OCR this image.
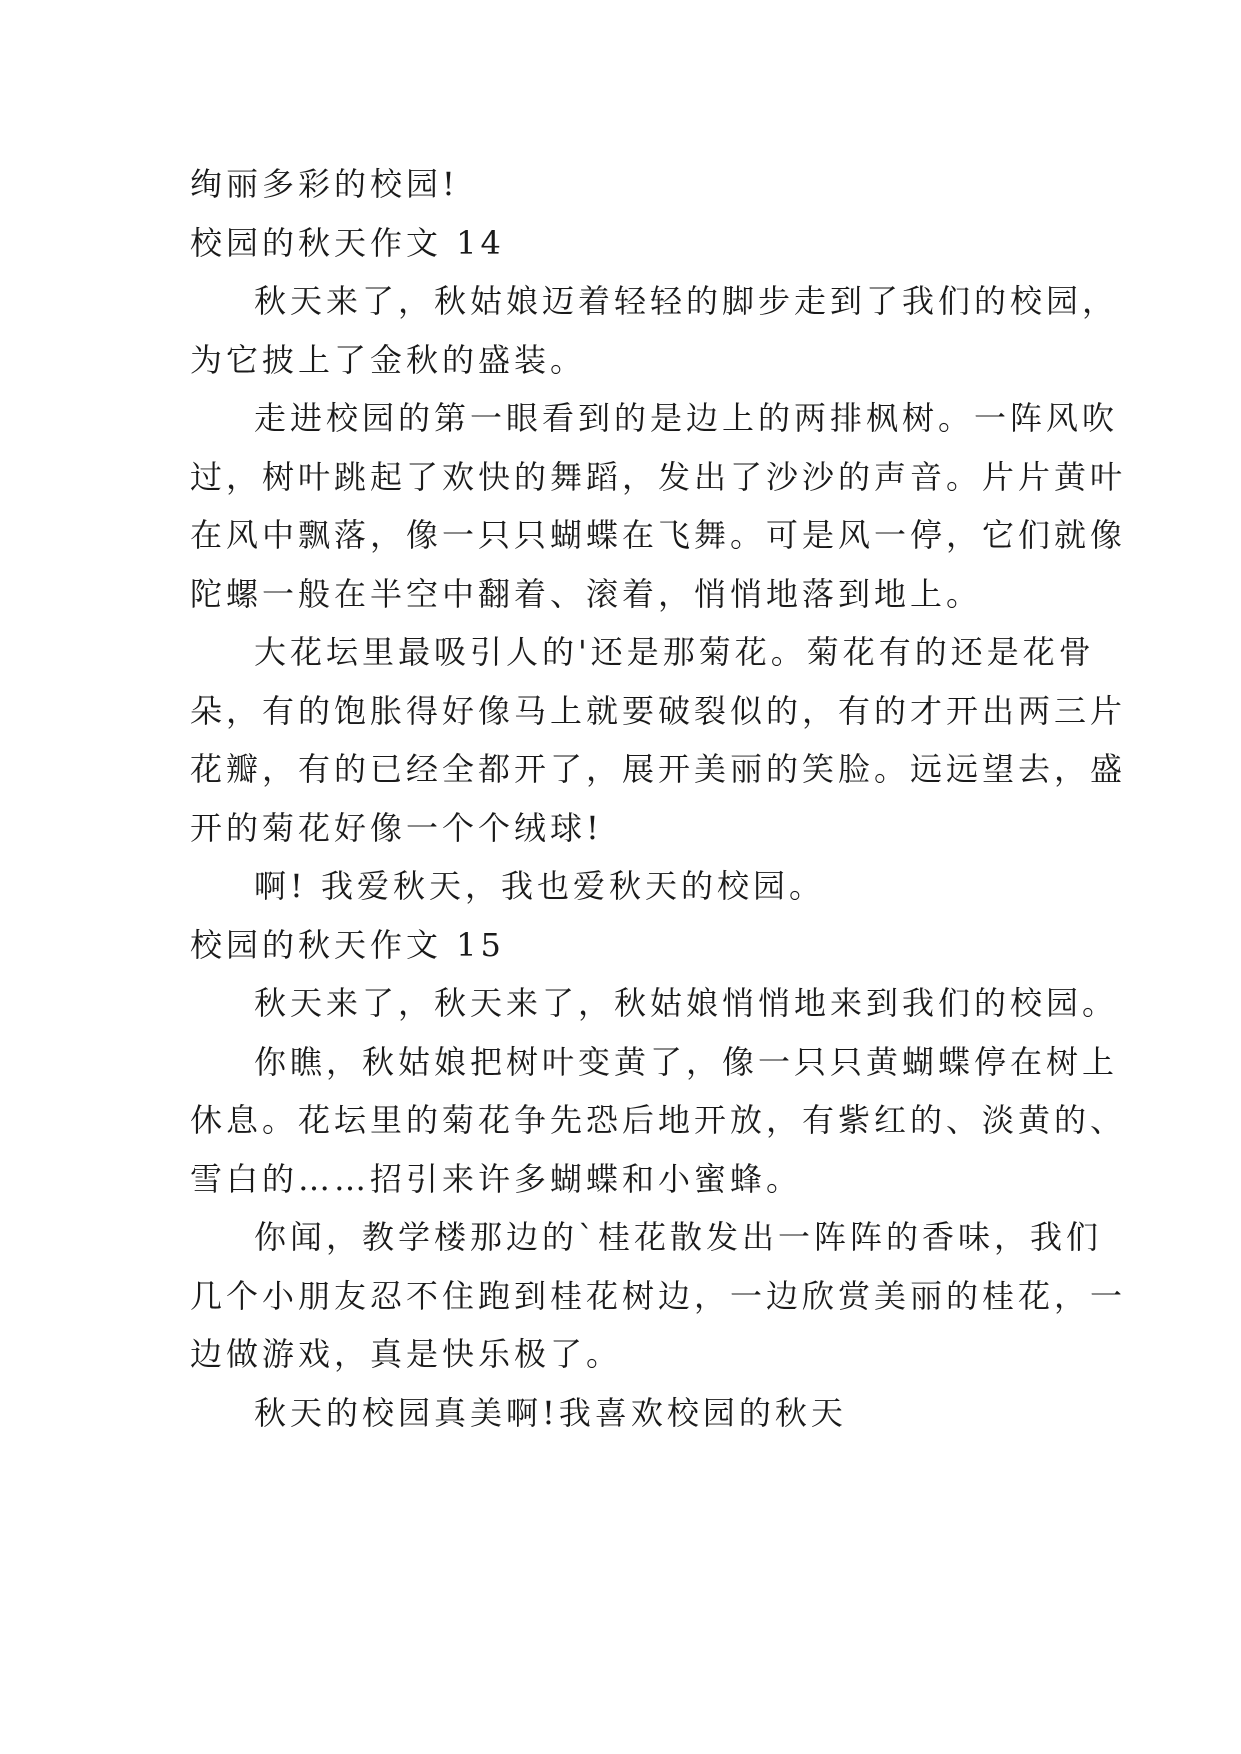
绚丽多彩的校园!
校园的秋天作文 14
秋天来了，秋姑娘迈着轻轻的脚步走到了我们的校园，
为它披上了金秋的盛装。
走进校园的第一眼看到的是边上的两排枫树。一阵风吹
过，树叶跳起了欢快的舞蹈，发出了沙沙的声音。片片黄叶
在风中飘落，像一只只蝴蝶在飞舞。可是风一停，它们就像
陀螺一般在半空中翻着、滚着，悄悄地落到地上。
大花坛里最吸引人的'还是那菊花。菊花有的还是花骨
朵，有的饱胀得好像马上就要破裂似的，有的才开出两三片
花瓣，有的已经全都开了，展开美丽的笑脸。远远望去，盛
开的菊花好像一个个绒球!
啊! 我爱秋天，我也爱秋天的校园。
校园的秋天作文 15
秋天来了，秋天来了，秋姑娘悄悄地来到我们的校园。
你瞧，秋姑娘把树叶变黄了，像一只只黄蝴蝶停在树上
休息。花坛里的菊花争先恐后地开放，有紫红的、淡黄的、
雪白的……招引来许多蝴蝶和小蜜蜂。
你闻，教学楼那边的`桂花散发出一阵阵的香味，我们
几个小朋友忍不住跑到桂花树边，一边欣赏美丽的桂花，一
边做游戏，真是快乐极了。
秋天的校园真美啊!我喜欢校园的秋天
